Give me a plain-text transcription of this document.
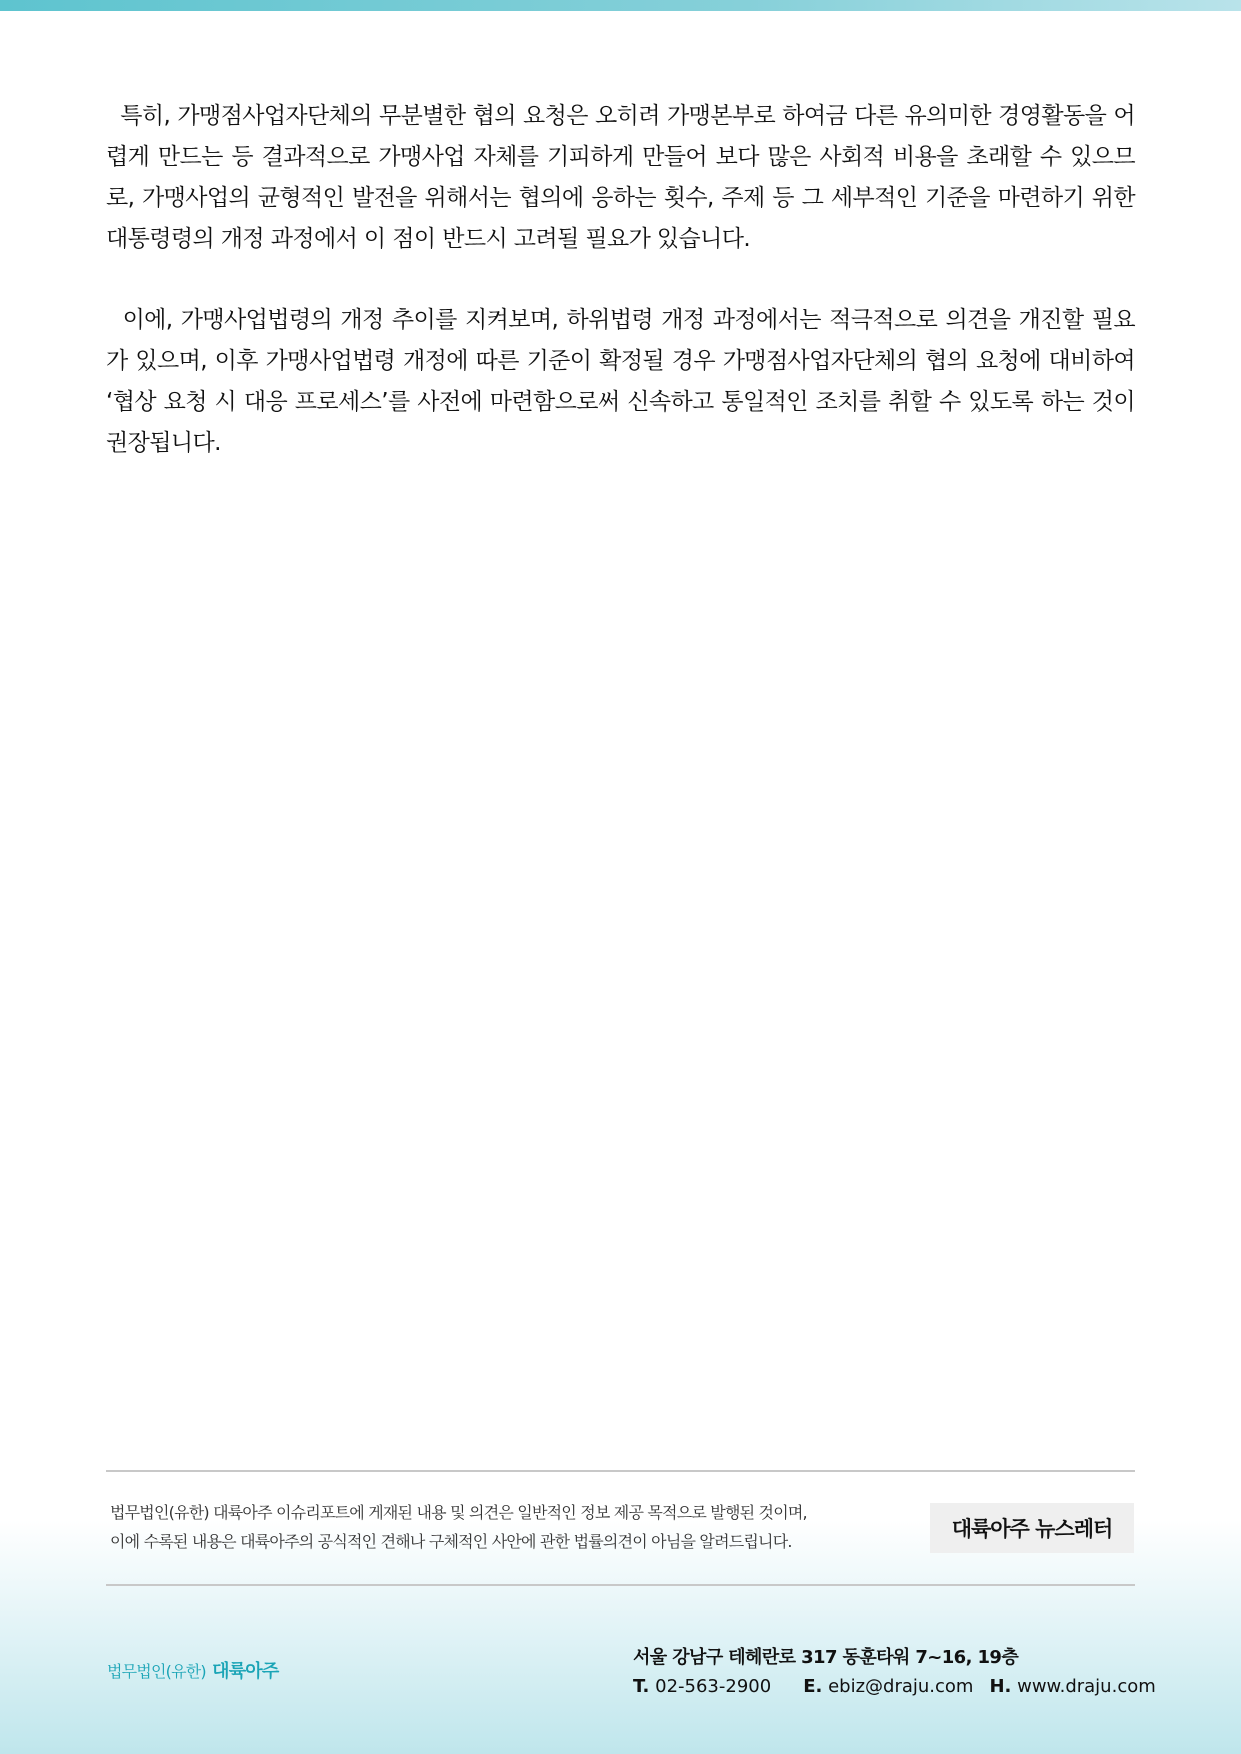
특히, 가맹점사업자단체의 무분별한 협의 요청은 오히려 가맹본부로 하여금 다른 유의미한 경영활동을 어렵게 만드는 등 결과적으로 가맹사업 자체를 기피하게 만들어 보다 많은 사회적 비용을 초래할 수 있으므로, 가맹사업의 균형적인 발전을 위해서는 협의에 응하는 횟수, 주제 등 그 세부적인 기준을 마련하기 위한 대통령령의 개정 과정에서 이 점이 반드시 고려될 필요가 있습니다.

이에, 가맹사업법령의 개정 추이를 지켜보며, 하위법령 개정 과정에서는 적극적으로 의견을 개진할 필요가 있으며, 이후 가맹사업법령 개정에 따른 기준이 확정될 경우 가맹점사업자단체의 협의 요청에 대비하여 ‘협상 요청 시 대응 프로세스’를 사전에 마련함으로써 신속하고 통일적인 조치를 취할 수 있도록 하는 것이 권장됩니다.

법무법인(유한) 대륙아주 이슈리포트에 게재된 내용 및 의견은 일반적인 정보 제공 목적으로 발행된 것이며,
이에 수록된 내용은 대륙아주의 공식적인 견해나 구체적인 사안에 관한 법률의견이 아님을 알려드립니다.
대륙아주 뉴스레터
법무법인(유한) 대륙아주
서울 강남구 테헤란로 317 동훈타워 7~16, 19층
T. 02-563-2900 E. ebiz@draju.com H. www.draju.com
